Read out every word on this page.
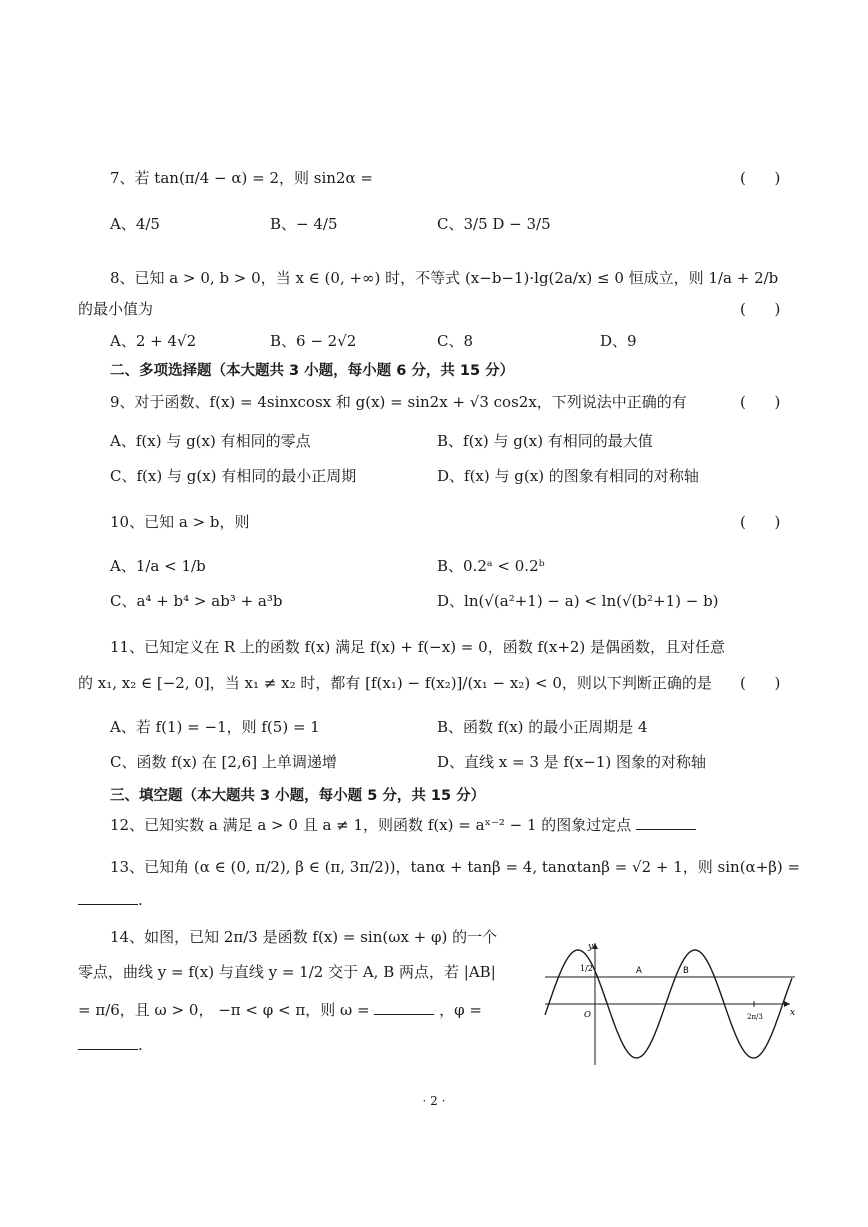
7、若 tan(π/4 − α) = 2，则 sin2α =	(      )
A、4/5	B、− 4/5	C、3/5 D − 3/5
8、已知 a > 0, b > 0，当 x ∈ (0, +∞) 时，不等式 (x−b−1)·lg(2a/x) ≤ 0 恒成立，则 1/a + 2/b
的最小值为	(      )
A、2 + 4√2	B、6 − 2√2	C、8	D、9
二、多项选择题（本大题共 3 小题，每小题 6 分，共 15 分）
9、对于函数、f(x) = 4sinxcosx 和 g(x) = sin2x + √3 cos2x，下列说法中正确的有	(      )
A、f(x) 与 g(x) 有相同的零点	B、f(x) 与 g(x) 有相同的最大值
C、f(x) 与 g(x) 有相同的最小正周期	D、f(x) 与 g(x) 的图象有相同的对称轴
10、已知 a > b，则	(      )
A、1/a < 1/b	B、0.2ᵃ < 0.2ᵇ
C、a⁴ + b⁴ > ab³ + a³b	D、ln(√(a²+1) − a) < ln(√(b²+1) − b)
11、已知定义在 R 上的函数 f(x) 满足 f(x) + f(−x) = 0，函数 f(x+2) 是偶函数，且对任意
的 x₁, x₂ ∈ [−2, 0]，当 x₁ ≠ x₂ 时，都有 [f(x₁) − f(x₂)]/(x₁ − x₂) < 0，则以下判断正确的是 (      )
A、若 f(1) = −1，则 f(5) = 1	B、函数 f(x) 的最小正周期是 4
C、函数 f(x) 在 [2,6] 上单调递增	D、直线 x = 3 是 f(x−1) 图象的对称轴
三、填空题（本大题共 3 小题，每小题 5 分，共 15 分）
12、已知实数 a 满足 a > 0 且 a ≠ 1，则函数 f(x) = aˣ⁻² − 1 的图象过定点
13、已知角 (α ∈ (0, π/2), β ∈ (π, 3π/2))，tanα + tanβ = 4, tanαtanβ = √2 + 1，则 sin(α+β) =
.
14、如图，已知 2π/3 是函数 f(x) = sin(ωx + φ) 的一个
零点，曲线 y = f(x) 与直线 y = 1/2 交于 A, B 两点，若 |AB|
= π/6，且 ω > 0， −π < φ < π，则 ω =	，φ =
.
y
x
1/2	A	B
O	2π/3
· 2 ·
